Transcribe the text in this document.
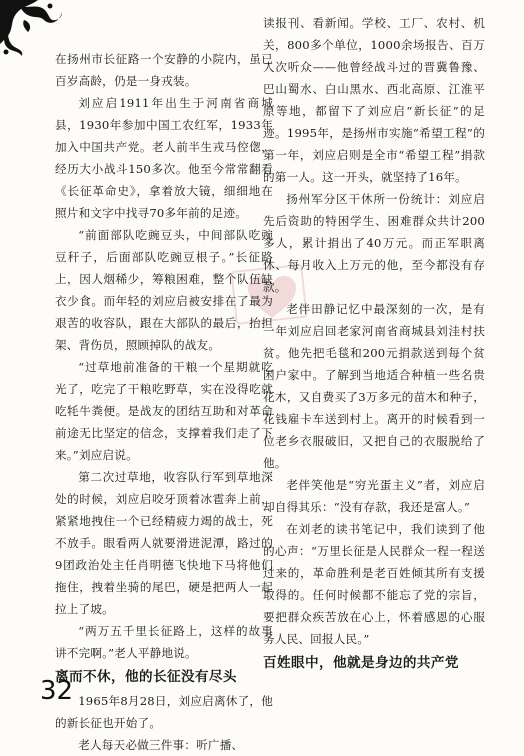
在扬州市长征路一个安静的小院内，虽已百岁高龄，仍是一身戎装。

刘应启1911年出生于河南省商城县，1930年参加中国工农红军，1933年加入中国共产党。老人前半生戎马倥偬，经历大小战斗150多次。他至今常常翻看《长征革命史》，拿着放大镜，细细地在照片和文字中找寻70多年前的足迹。

“前面部队吃豌豆头，中间部队吃豌豆秆子，后面部队吃豌豆根子。”长征路上，因人烟稀少，筹粮困难，整个队伍缺衣少食。而年轻的刘应启被安排在了最为艰苦的收容队，跟在大部队的最后，抬担架、背伤员，照顾掉队的战友。

“过草地前准备的干粮一个星期就吃光了，吃完了干粮吃野草，实在没得吃就吃牦牛粪便。是战友的团结互助和对革命前途无比坚定的信念，支撑着我们走了下来。”刘应启说。

第二次过草地，收容队行军到草地深处的时候，刘应启咬牙顶着冰雹奔上前，紧紧地拽住一个已经精疲力竭的战士，死不放手。眼看两人就要滑进泥潭，路过的9团政治处主任肖明德飞快地下马将他们拖住，拽着坐骑的尾巴，硬是把两人一起拉上了坡。

“两万五千里长征路上，这样的故事讲不完啊。”老人平静地说。

离而不休，他的长征没有尽头

1965年8月28日，刘应启离休了，他的新长征也开始了。

老人每天必做三件事：听广播、

读报刊、看新闻。学校、工厂、农村、机关，800多个单位，1000余场报告、百万人次听众——他曾经战斗过的晋冀鲁豫、巴山蜀水、白山黑水、西北高原、江淮平原等地，都留下了刘应启“新长征”的足迹。1995年，是扬州市实施“希望工程”的第一年，刘应启则是全市“希望工程”捐款的第一人。这一开头，就坚持了16年。

扬州军分区干休所一份统计：刘应启先后资助的特困学生、困难群众共计200多人，累计捐出了40万元。而正军职离休、每月收入上万元的他，至今都没有存款。

老伴田静记忆中最深刻的一次，是有一年刘应启回老家河南省商城县刘洼村扶贫。他先把毛毯和200元捐款送到每个贫困户家中。了解到当地适合种植一些名贵花木，又自费买了3万多元的苗木和种子，花钱雇卡车送到村上。离开的时候看到一位老乡衣服破旧，又把自己的衣服脱给了他。

老伴笑他是“穷光蛋主义”者，刘应启却自得其乐：“没有存款，我还是富人。”

在刘老的读书笔记中，我们读到了他的心声：“万里长征是人民群众一程一程送过来的，革命胜利是老百姓倾其所有支援取得的。任何时候都不能忘了党的宗旨，要把群众疾苦放在心上，怀着感恩的心服务人民、回报人民。”

百姓眼中，他就是身边的共产党
32
